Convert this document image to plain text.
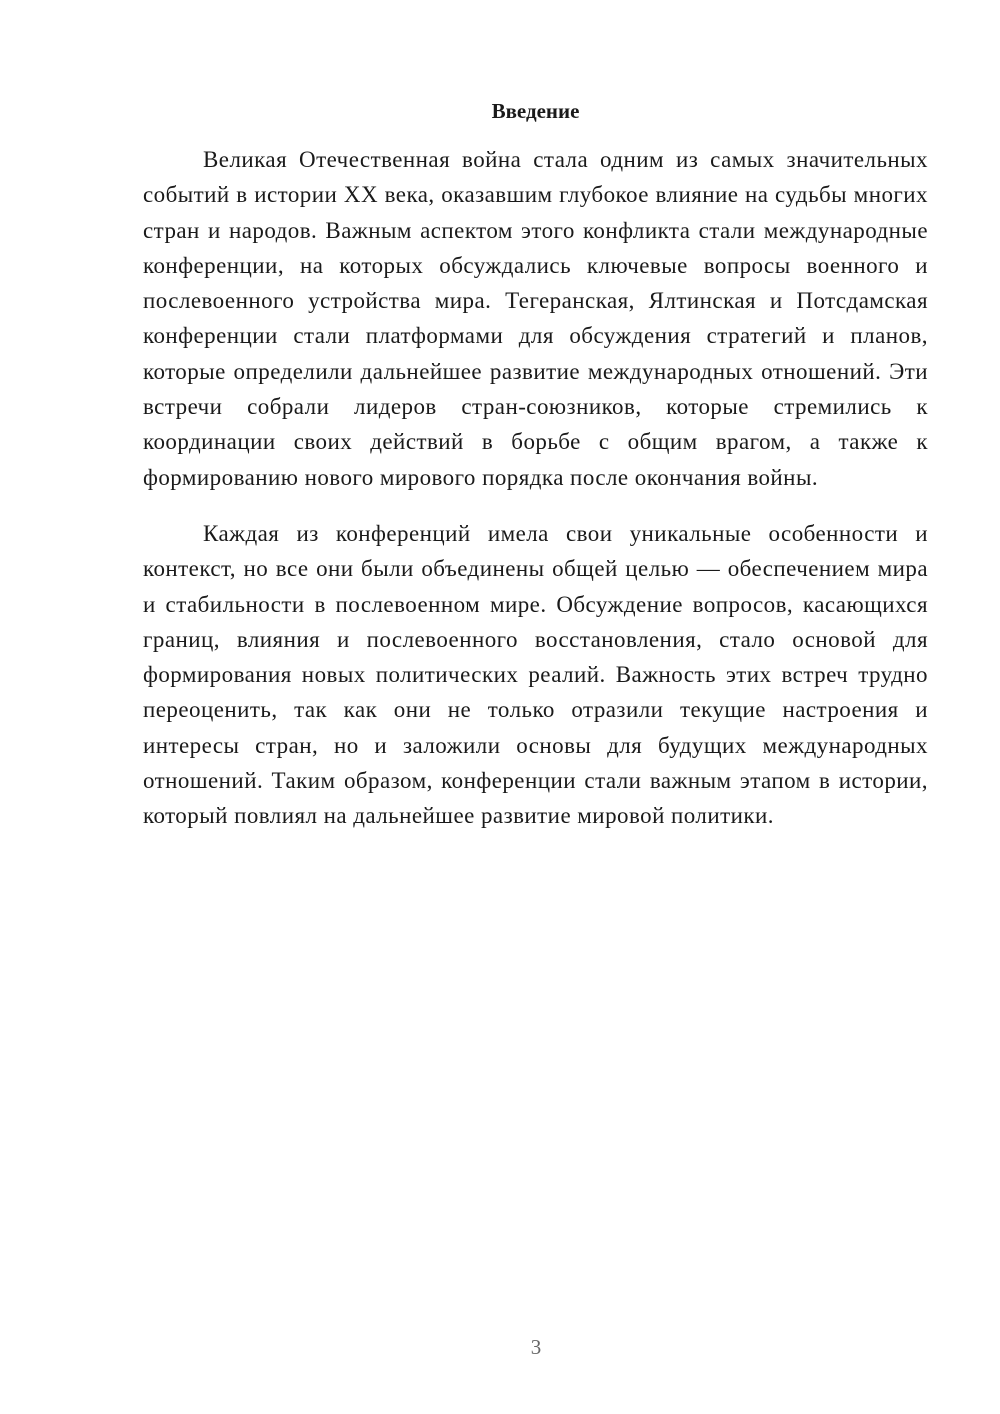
Введение

Великая Отечественная война стала одним из самых значительных событий в истории XX века, оказавшим глубокое влияние на судьбы многих стран и народов. Важным аспектом этого конфликта стали международные конференции, на которых обсуждались ключевые вопросы военного и послевоенного устройства мира. Тегеранская, Ялтинская и Потсдамская конференции стали платформами для обсуждения стратегий и планов, которые определили дальнейшее развитие международных отношений. Эти встречи собрали лидеров стран-союзников, которые стремились к координации своих действий в борьбе с общим врагом, а также к формированию нового мирового порядка после окончания войны.

Каждая из конференций имела свои уникальные особенности и контекст, но все они были объединены общей целью — обеспечением мира и стабильности в послевоенном мире. Обсуждение вопросов, касающихся границ, влияния и послевоенного восстановления, стало основой для формирования новых политических реалий. Важность этих встреч трудно переоценить, так как они не только отразили текущие настроения и интересы стран, но и заложили основы для будущих международных отношений. Таким образом, конференции стали важным этапом в истории, который повлиял на дальнейшее развитие мировой политики.

3
